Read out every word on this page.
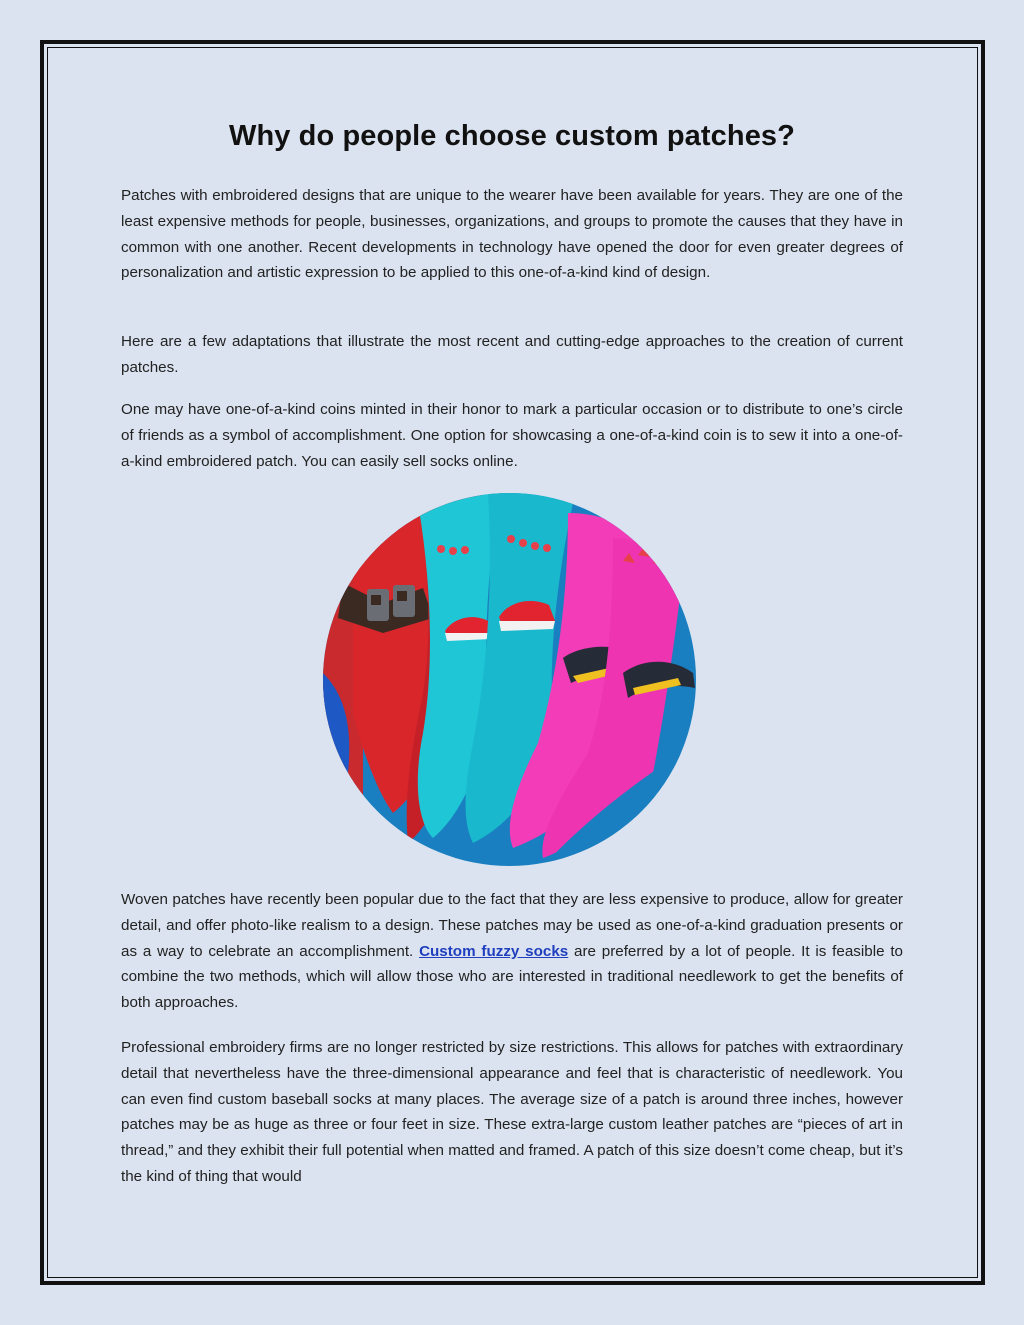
Why do people choose custom patches?

Patches with embroidered designs that are unique to the wearer have been available for years. They are one of the least expensive methods for people, businesses, organizations, and groups to promote the causes that they have in common with one another. Recent developments in technology have opened the door for even greater degrees of personalization and artistic expression to be applied to this one-of-a-kind kind of design.

Here are a few adaptations that illustrate the most recent and cutting-edge approaches to the creation of current patches.

One may have one-of-a-kind coins minted in their honor to mark a particular occasion or to distribute to one’s circle of friends as a symbol of accomplishment. One option for showcasing a one-of-a-kind coin is to sew it into a one-of-a-kind embroidered patch. You can easily sell socks online.

Woven patches have recently been popular due to the fact that they are less expensive to produce, allow for greater detail, and offer photo-like realism to a design. These patches may be used as one-of-a-kind graduation presents or as a way to celebrate an accomplishment. Custom fuzzy socks are preferred by a lot of people. It is feasible to combine the two methods, which will allow those who are interested in traditional needlework to get the benefits of both approaches.

Professional embroidery firms are no longer restricted by size restrictions. This allows for patches with extraordinary detail that nevertheless have the three-dimensional appearance and feel that is characteristic of needlework. You can even find custom baseball socks at many places. The average size of a patch is around three inches, however patches may be as huge as three or four feet in size. These extra-large custom leather patches are “pieces of art in thread,” and they exhibit their full potential when matted and framed. A patch of this size doesn’t come cheap, but it’s the kind of thing that would
